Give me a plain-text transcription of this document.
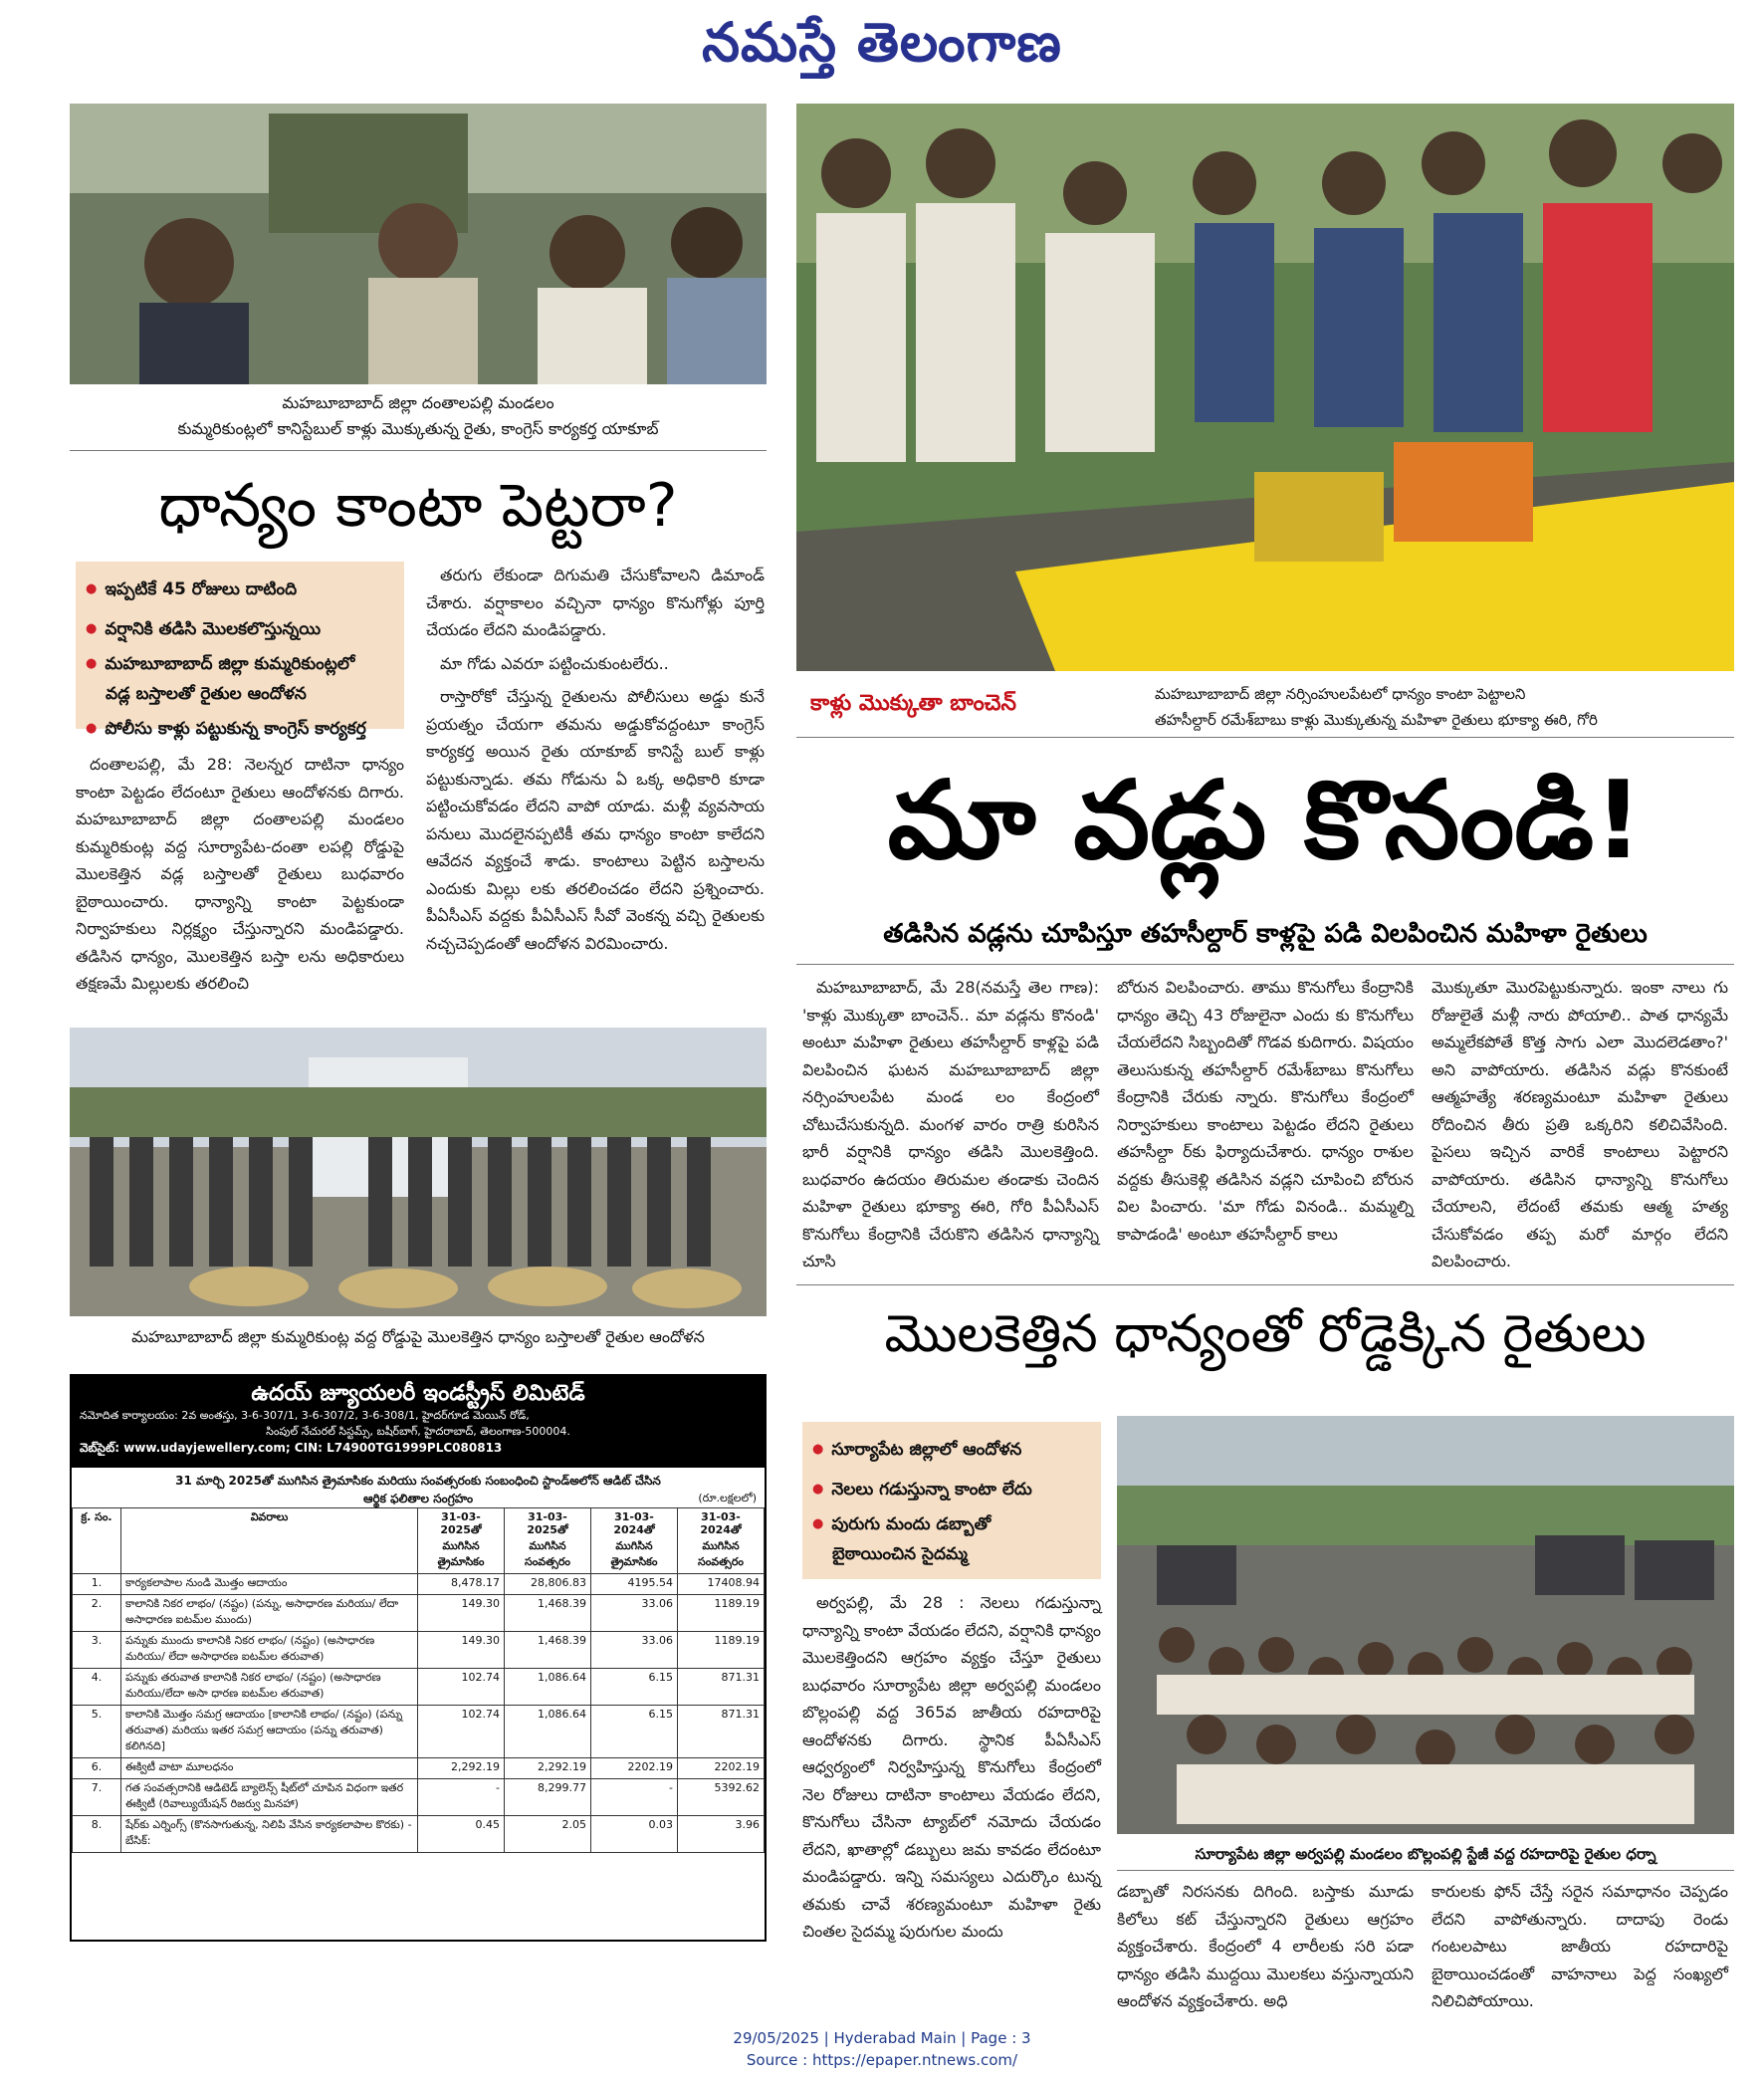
నమస్తే తెలంగాణ
మహబూబాబాద్ జిల్లా దంతాలపల్లి మండలం
కుమ్మరికుంట్లలో కానిస్టేబుల్ కాళ్లు మొక్కుతున్న రైతు, కాంగ్రెస్ కార్యకర్త యాకూబ్
ధాన్యం కాంటా పెట్టరా?
● ఇప్పటికే 45 రోజులు దాటింది
● వర్షానికి తడిసి మొలకలొస్తున్నయి
● మహబూబాబాద్ జిల్లా కుమ్మరికుంట్లలో
వడ్ల బస్తాలతో రైతుల ఆందోళన
● పోలీసు కాళ్లు పట్టుకున్న కాంగ్రెస్ కార్యకర్త

దంతాలపల్లి, మే 28: నెలన్నర దాటినా ధాన్యం కాంటా పెట్టడం లేదంటూ రైతులు ఆందోళనకు దిగారు. మహబూబాబాద్ జిల్లా దంతాలపల్లి మండలం కుమ్మరికుంట్ల వద్ద సూర్యాపేట-దంతా లపల్లి రోడ్డుపై మొలకెత్తిన వడ్ల బస్తాలతో రైతులు బుధవారం బైఠాయించారు. ధాన్యాన్ని కాంటా పెట్టకుండా నిర్వాహకులు నిర్లక్ష్యం చేస్తున్నారని మండిపడ్డారు. తడిసిన ధాన్యం, మొలకెత్తిన బస్తా లను అధికారులు తక్షణమే మిల్లులకు తరలించి

తరుగు లేకుండా దిగుమతి చేసుకోవాలని డిమాండ్ చేశారు. వర్షాకాలం వచ్చినా ధాన్యం కొనుగోళ్లు పూర్తి చేయడం లేదని మండిపడ్డారు.

మా గోడు ఎవరూ పట్టించుకుంటలేరు..

రాస్తారోకో చేస్తున్న రైతులను పోలీసులు అడ్డు కునే ప్రయత్నం చేయగా తమను అడ్డుకోవద్దంటూ కాంగ్రెస్ కార్యకర్త అయిన రైతు యాకూబ్ కానిస్టే బుల్ కాళ్లు పట్టుకున్నాడు. తమ గోడును ఏ ఒక్క అధికారి కూడా పట్టించుకోవడం లేదని వాపో యాడు. మళ్లీ వ్యవసాయ పనులు మొదలైనప్పటికీ తమ ధాన్యం కాంటా కాలేదని ఆవేదన వ్యక్తంచే శాడు. కాంటాలు పెట్టిన బస్తాలను ఎందుకు మిల్లు లకు తరలించడం లేదని ప్రశ్నించారు. పీఏసీఎస్ వద్దకు పీఏసీఎస్ సీవో వెంకన్న వచ్చి రైతులకు నచ్చచెప్పడంతో ఆందోళన విరమించారు.

మహబూబాబాద్ జిల్లా కుమ్మరికుంట్ల వద్ద రోడ్డుపై మొలకెత్తిన ధాన్యం బస్తాలతో రైతుల ఆందోళన
ఉదయ్ జ్యూయలరీ ఇండస్ట్రీస్ లిమిటెడ్
నమోదిత కార్యాలయం: 2వ అంతస్తు, 3-6-307/1, 3-6-307/2, 3-6-308/1, హైదర్‌గూడ మెయిన్ రోడ్,
సింపుల్ నేచురల్ సిస్టమ్స్, బషీర్‌బాగ్, హైదరాబాద్, తెలంగాణ-500004.
వెబ్‌సైట్: www.udayjewellery.com; CIN: L74900TG1999PLC080813
31 మార్చి 2025తో ముగిసిన త్రైమాసికం మరియు సంవత్సరంకు సంబంధించి స్టాండ్‌అలోన్ ఆడిట్ చేసిన
ఆర్థిక ఫలితాల సంగ్రహం	(రూ.లక్షలలో)
క్ర. సం.	వివరాలు	31-03-2025తో ముగిసిన త్రైమాసికం	31-03-2025తో ముగిసిన సంవత్సరం	31-03-2024తో ముగిసిన త్రైమాసికం	31-03-2024తో ముగిసిన సంవత్సరం
1.	కార్యకలాపాల నుండి మొత్తం ఆదాయం	8,478.17	28,806.83	4195.54	17408.94
2.	కాలానికి నికర లాభం/ (నష్టం) (పన్ను, అసాధారణ మరియు/ లేదా అసాధారణ ఐటమ్‌ల ముందు)	149.30	1,468.39	33.06	1189.19
3.	పన్నుకు ముందు కాలానికి నికర లాభం/ (నష్టం) (అసాధారణ మరియు/ లేదా అసాధారణ ఐటమ్‌ల తరువాత)	149.30	1,468.39	33.06	1189.19
4.	పన్నుకు తరువాత కాలానికి నికర లాభం/ (నష్టం) (అసాధారణ మరియు/లేదా అసా ధారణ ఐటమ్‌ల తరువాత)	102.74	1,086.64	6.15	871.31
5.	కాలానికి మొత్తం సమగ్ర ఆదాయం [కాలానికి లాభం/ (నష్టం) (పన్ను తరువాత) మరియు ఇతర సమగ్ర ఆదాయం (పన్ను తరువాత) కలిగినది]	102.74	1,086.64	6.15	871.31
6.	ఈక్విటీ వాటా మూలధనం	2,292.19	2,292.19	2202.19	2202.19
7.	గత సంవత్సరానికి ఆడిటెడ్ బ్యాలెన్స్ షీట్‌లో చూపిన విధంగా ఇతర ఈక్విటీ (రివాల్యుయేషన్ రిజర్వు మినహా)	-	8,299.77	-	5392.62
8.	షేర్‌కు ఎర్నింగ్స్ (కొనసాగుతున్న, నిలిపి వేసిన కార్యకలాపాల కొరకు) - బేసిక్:	0.45	2.05	0.03	3.96
కాళ్లు మొక్కుతా బాంచెన్	మహబూబాబాద్ జిల్లా నర్సింహులపేటలో ధాన్యం కాంటా పెట్టాలని
తహసీల్దార్ రమేశ్‌బాబు కాళ్లు మొక్కుతున్న మహిళా రైతులు భూక్యా ఈరి, గోరి
మా వడ్లు కొనండి!
తడిసిన వడ్లను చూపిస్తూ తహసీల్దార్ కాళ్లపై పడి విలపించిన మహిళా రైతులు

మహబూబాబాద్, మే 28(నమస్తే తెల గాణ): 'కాళ్లు మొక్కుతా బాంచెన్.. మా వడ్లను కొనండి' అంటూ మహిళా రైతులు తహసీల్దార్ కాళ్లపై పడి విలపించిన ఘటన మహబూబాబాద్ జిల్లా నర్సింహులపేట మండ లం కేంద్రంలో చోటుచేసుకున్నది. మంగళ వారం రాత్రి కురిసిన భారీ వర్షానికి ధాన్యం తడిసి మొలకెత్తింది. బుధవారం ఉదయం తిరుమల తండాకు చెందిన మహిళా రైతులు భూక్యా ఈరి, గోరి పీఏసీఎస్ కొనుగోలు కేంద్రానికి చేరుకొని తడిసిన ధాన్యాన్ని చూసి

బోరున విలపించారు. తాము కొనుగోలు కేంద్రానికి ధాన్యం తెచ్చి 43 రోజులైనా ఎందు కు కొనుగోలు చేయలేదని సిబ్బందితో గొడవ కుదిగారు. విషయం తెలుసుకున్న తహసీల్దార్ రమేశ్‌బాబు కొనుగోలు కేంద్రానికి చేరుకు న్నారు. కొనుగోలు కేంద్రంలో నిర్వాహకులు కాంటాలు పెట్టడం లేదని రైతులు తహసీల్దా ర్‌కు ఫిర్యాదుచేశారు. ధాన్యం రాశుల వద్దకు తీసుకెళ్లి తడిసిన వడ్లని చూపించి బోరున విల పించారు. 'మా గోడు వినండి.. మమ్మల్ని కాపాడండి' అంటూ తహసీల్దార్ కాలు

మొక్కుతూ మొరపెట్టుకున్నారు. ఇంకా నాలు గు రోజులైతే మళ్లీ నారు పోయాలి.. పాత ధాన్యమే అమ్మలేకపోతే కొత్త సాగు ఎలా మొదలెడతాం?' అని వాపోయారు. తడిసిన వడ్లు కొనకుంటే ఆత్మహత్యే శరణ్యమంటూ మహిళా రైతులు రోదించిన తీరు ప్రతి ఒక్కరిని కలిచివేసింది. పైసలు ఇచ్చిన వారికే కాంటాలు పెట్టారని వాపోయారు. తడిసిన ధాన్యాన్ని కొనుగోలు చేయాలని, లేదంటే తమకు ఆత్మ హత్య చేసుకోవడం తప్ప మరో మార్గం లేదని విలపించారు.

మొలకెత్తిన ధాన్యంతో రోడ్డెక్కిన రైతులు
● సూర్యాపేట జిల్లాలో ఆందోళన
● నెలలు గడుస్తున్నా కాంటా లేదు
● పురుగు మందు డబ్బాతో
బైఠాయించిన సైదమ్మ

అర్వపల్లి, మే 28 : నెలలు గడుస్తున్నా ధాన్యాన్ని కాంటా వేయడం లేదని, వర్షానికి ధాన్యం మొలకెత్తిందని ఆగ్రహం వ్యక్తం చేస్తూ రైతులు బుధవారం సూర్యాపేట జిల్లా అర్వపల్లి మండలం బొల్లంపల్లి వద్ద 365వ జాతీయ రహదారిపై ఆందోళనకు దిగారు. స్థానిక పీఏసీఎస్ ఆధ్వర్యంలో నిర్వహిస్తున్న కొనుగోలు కేంద్రంలో నెల రోజులు దాటినా కాంటాలు వేయడం లేదని, కొనుగోలు చేసినా ట్యాబ్‌లో నమోదు చేయడం లేదని, ఖాతాల్లో డబ్బులు జమ కావడం లేదంటూ మండిపడ్డారు. ఇన్ని సమస్యలు ఎదుర్కొం టున్న తమకు చావే శరణ్యమంటూ మహిళా రైతు చింతల సైదమ్మ పురుగుల మందు

సూర్యాపేట జిల్లా అర్వపల్లి మండలం బొల్లంపల్లి స్టేజీ వద్ద రహదారిపై రైతుల ధర్నా

డబ్బాతో నిరసనకు దిగింది. బస్తాకు మూడు కిలోలు కట్ చేస్తున్నారని రైతులు ఆగ్రహం వ్యక్తంచేశారు. కేంద్రంలో 4 లారీలకు సరి పడా ధాన్యం తడిసి ముద్దయి మొలకలు వస్తున్నాయని ఆందోళన వ్యక్తంచేశారు. అధి

కారులకు ఫోన్ చేస్తే సరైన సమాధానం చెప్పడం లేదని వాపోతున్నారు. దాదాపు రెండు గంటలపాటు జాతీయ రహదారిపై బైఠాయించడంతో వాహనాలు పెద్ద సంఖ్యలో నిలిచిపోయాయి.

29/05/2025 | Hyderabad Main | Page : 3
Source : https://epaper.ntnews.com/
